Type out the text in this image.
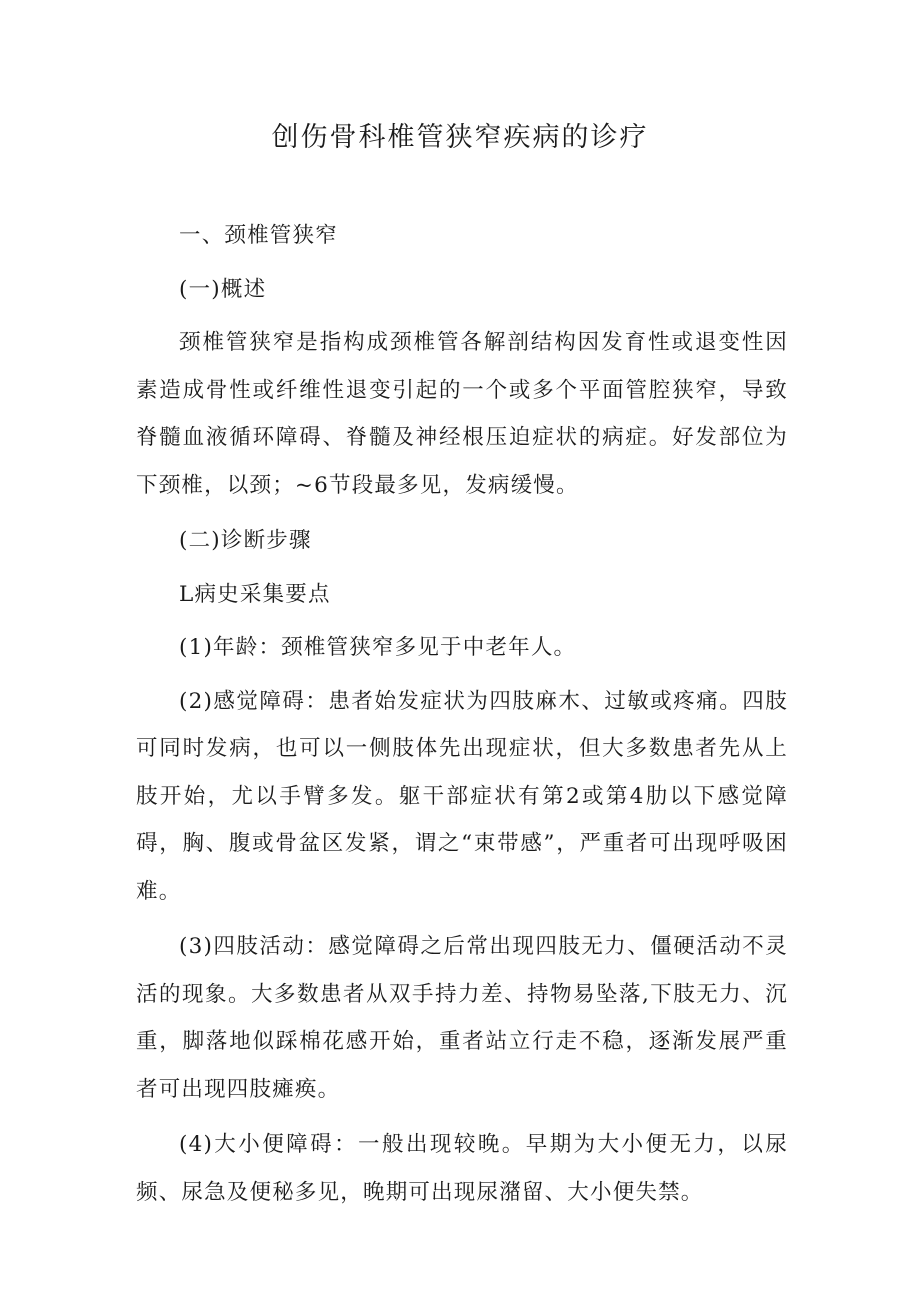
创伤骨科椎管狭窄疾病的诊疗

一、颈椎管狭窄

(一)概述

颈椎管狭窄是指构成颈椎管各解剖结构因发育性或退变性因素造成骨性或纤维性退变引起的一个或多个平面管腔狭窄，导致脊髓血液循环障碍、脊髓及神经根压迫症状的病症。好发部位为下颈椎，以颈；~6节段最多见，发病缓慢。

(二)诊断步骤

L病史采集要点

(1)年龄：颈椎管狭窄多见于中老年人。

(2)感觉障碍：患者始发症状为四肢麻木、过敏或疼痛。四肢可同时发病，也可以一侧肢体先出现症状，但大多数患者先从上肢开始，尤以手臂多发。躯干部症状有第2或第4肋以下感觉障碍，胸、腹或骨盆区发紧，谓之“束带感”，严重者可出现呼吸困难。

(3)四肢活动：感觉障碍之后常出现四肢无力、僵硬活动不灵活的现象。大多数患者从双手持力差、持物易坠落,下肢无力、沉重，脚落地似踩棉花感开始，重者站立行走不稳，逐渐发展严重者可出现四肢瘫痪。

(4)大小便障碍：一般出现较晚。早期为大小便无力，以尿频、尿急及便秘多见，晚期可出现尿潴留、大小便失禁。
